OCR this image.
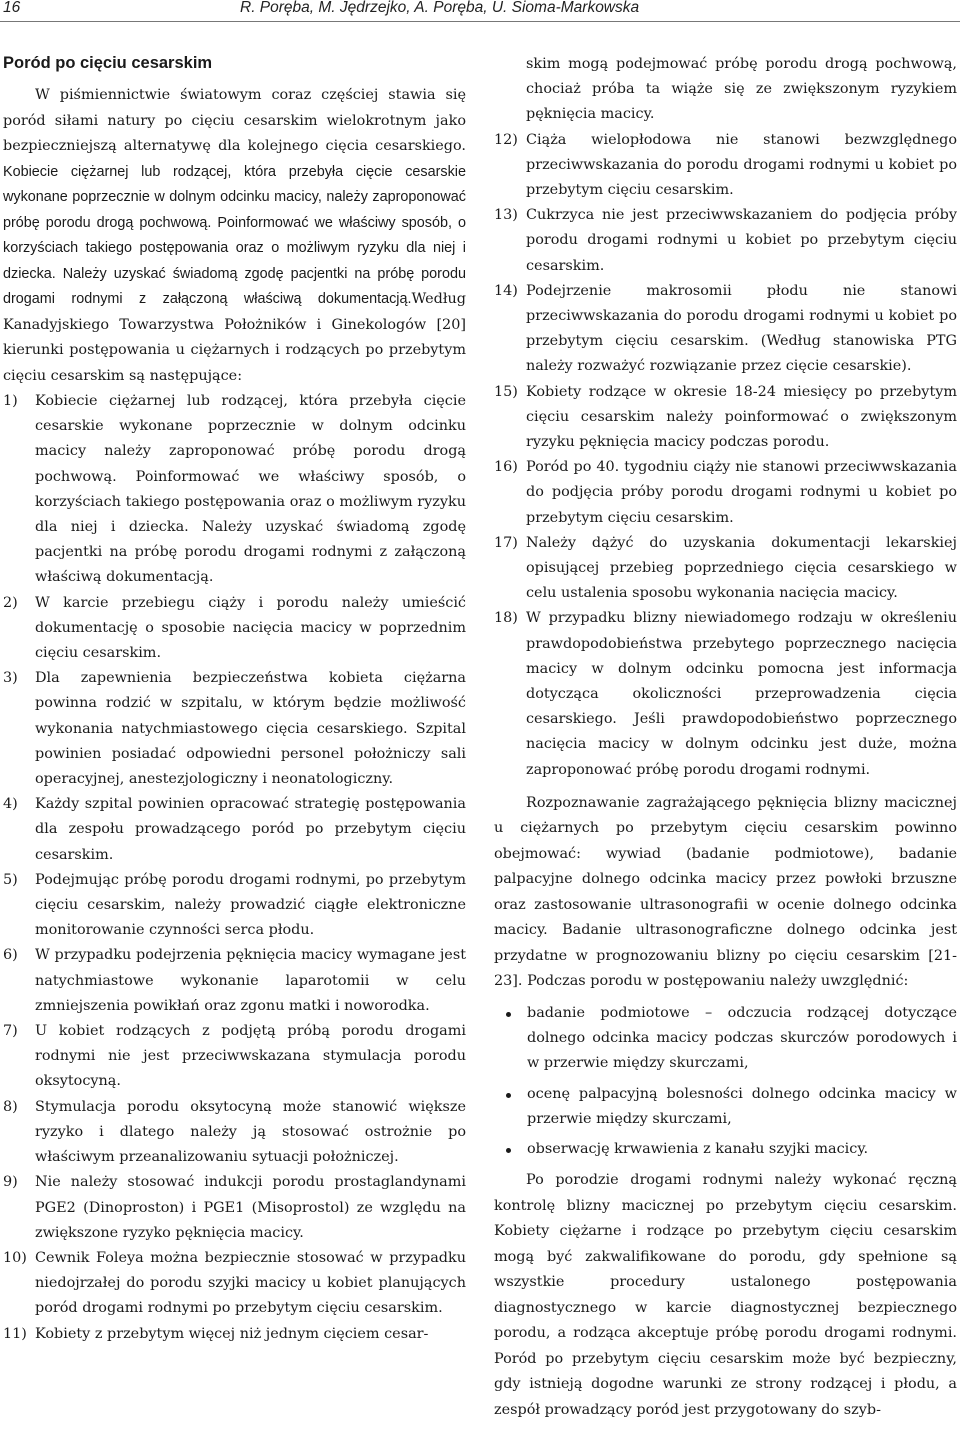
16	R. Poręba, M. Jędrzejko, A. Poręba, U. Sioma-Markowska
Poród po cięciu cesarskim

W piśmiennictwie światowym coraz częściej stawia się poród siłami natury po cięciu cesarskim wielokrotnym jako bezpieczniejszą alternatywę dla kolejnego cięcia cesarskiego. Kobiecie ciężarnej lub rodzącej, która przebyła cięcie cesarskie wykonane poprzecznie w dolnym odcinku macicy, należy zaproponować próbę porodu drogą pochwową. Poinformować we właściwy sposób, o korzyściach takiego postępowania oraz o możliwym ryzyku dla niej i dziecka. Należy uzyskać świadomą zgodę pacjentki na próbę porodu drogami rodnymi z załączoną właściwą dokumentacją.Według Kanadyjskiego Towarzystwa Położników i Ginekologów [20] kierunki postępowania u ciężarnych i rodzących po przebytym cięciu cesarskim są następujące:

1) Kobiecie ciężarnej lub rodzącej, która przebyła cięcie cesarskie wykonane poprzecznie w dolnym odcinku macicy należy zaproponować próbę porodu drogą pochwową. Poinformować we właściwy sposób, o korzyściach takiego postępowania oraz o możliwym ryzyku dla niej i dziecka. Należy uzyskać świadomą zgodę pacjentki na próbę porodu drogami rodnymi z załączoną właściwą dokumentacją.
2) W karcie przebiegu ciąży i porodu należy umieścić dokumentację o sposobie nacięcia macicy w poprzednim cięciu cesarskim.
3) Dla zapewnienia bezpieczeństwa kobieta ciężarna powinna rodzić w szpitalu, w którym będzie możliwość wykonania natychmiastowego cięcia cesarskiego. Szpital powinien posiadać odpowiedni personel położniczy sali operacyjnej, anestezjologiczny i neonatologiczny.
4) Każdy szpital powinien opracować strategię postępowania dla zespołu prowadzącego poród po przebytym cięciu cesarskim.
5) Podejmując próbę porodu drogami rodnymi, po przebytym cięciu cesarskim, należy prowadzić ciągłe elektroniczne monitorowanie czynności serca płodu.
6) W przypadku podejrzenia pęknięcia macicy wymagane jest natychmiastowe wykonanie laparotomii w celu zmniejszenia powikłań oraz zgonu matki i noworodka.
7) U kobiet rodzących z podjętą próbą porodu drogami rodnymi nie jest przeciwwskazana stymulacja porodu oksytocyną.
8) Stymulacja porodu oksytocyną może stanowić większe ryzyko i dlatego należy ją stosować ostrożnie po właściwym przeanalizowaniu sytuacji położniczej.
9) Nie należy stosować indukcji porodu prostaglandynami PGE2 (Dinoproston) i PGE1 (Misoprostol) ze względu na zwiększone ryzyko pęknięcia macicy.
10) Cewnik Foleya można bezpiecznie stosować w przypadku niedojrzałej do porodu szyjki macicy u kobiet planujących poród drogami rodnymi po przebytym cięciu cesarskim.
11) Kobiety z przebytym więcej niż jednym cięciem cesar-

skim mogą podejmować próbę porodu drogą pochwową, chociaż próba ta wiąże się ze zwiększonym ryzykiem pęknięcia macicy.

12) Ciąża wielopłodowa nie stanowi bezwzględnego przeciwwskazania do porodu drogami rodnymi u kobiet po przebytym cięciu cesarskim.
13) Cukrzyca nie jest przeciwwskazaniem do podjęcia próby porodu drogami rodnymi u kobiet po przebytym cięciu cesarskim.
14) Podejrzenie makrosomii płodu nie stanowi przeciwwskazania do porodu drogami rodnymi u kobiet po przebytym cięciu cesarskim. (Według stanowiska PTG należy rozważyć rozwiązanie przez cięcie cesarskie).
15) Kobiety rodzące w okresie 18-24 miesięcy po przebytym cięciu cesarskim należy poinformować o zwiększonym ryzyku pęknięcia macicy podczas porodu.
16) Poród po 40. tygodniu ciąży nie stanowi przeciwwskazania do podjęcia próby porodu drogami rodnymi u kobiet po przebytym cięciu cesarskim.
17) Należy dążyć do uzyskania dokumentacji lekarskiej opisującej przebieg poprzedniego cięcia cesarskiego w celu ustalenia sposobu wykonania nacięcia macicy.
18) W przypadku blizny niewiadomego rodzaju w określeniu prawdopodobieństwa przebytego poprzecznego nacięcia macicy w dolnym odcinku pomocna jest informacja dotycząca okoliczności przeprowadzenia cięcia cesarskiego. Jeśli prawdopodobieństwo poprzecznego nacięcia macicy w dolnym odcinku jest duże, można zaproponować próbę porodu drogami rodnymi.

Rozpoznawanie zagrażającego pęknięcia blizny macicznej u ciężarnych po przebytym cięciu cesarskim powinno obejmować: wywiad (badanie podmiotowe), badanie palpacyjne dolnego odcinka macicy przez powłoki brzuszne oraz zastosowanie ultrasonografii w ocenie dolnego odcinka macicy. Badanie ultrasonograficzne dolnego odcinka jest przydatne w prognozowaniu blizny po cięciu cesarskim [21-23]. Podczas porodu w postępowaniu należy uwzględnić:

badanie podmiotowe – odczucia rodzącej dotyczące dolnego odcinka macicy podczas skurczów porodowych i w przerwie między skurczami,
ocenę palpacyjną bolesności dolnego odcinka macicy w przerwie między skurczami,
obserwację krwawienia z kanału szyjki macicy.

Po porodzie drogami rodnymi należy wykonać ręczną kontrolę blizny macicznej po przebytym cięciu cesarskim. Kobiety ciężarne i rodzące po przebytym cięciu cesarskim mogą być zakwalifikowane do porodu, gdy spełnione są wszystkie procedury ustalonego postępowania diagnostycznego w karcie diagnostycznej bezpiecznego porodu, a rodząca akceptuje próbę porodu drogami rodnymi. Poród po przebytym cięciu cesarskim może być bezpieczny, gdy istnieją dogodne warunki ze strony rodzącej i płodu, a zespół prowadzący poród jest przygotowany do szyb-
